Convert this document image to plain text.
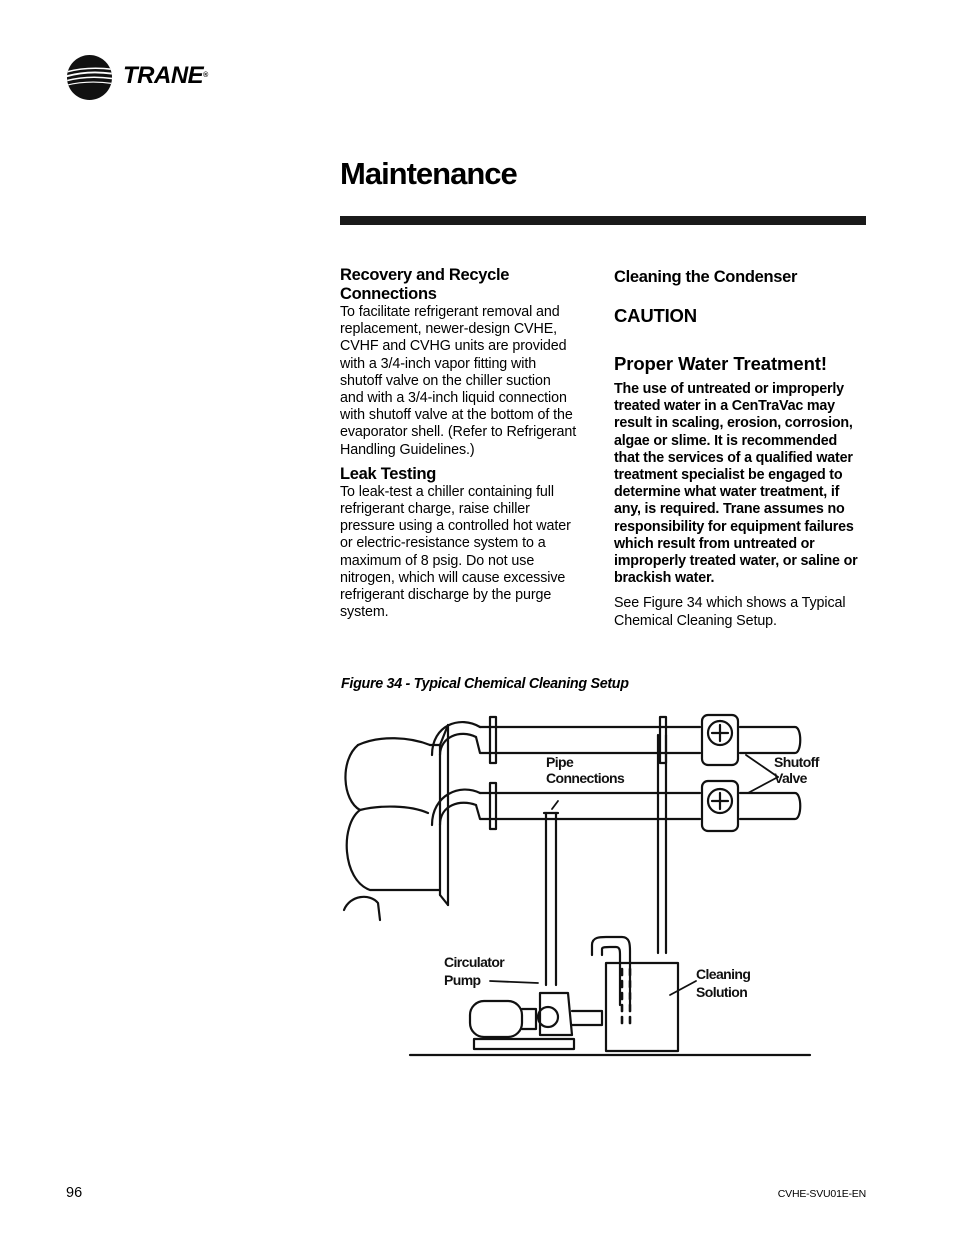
TRANE®
Maintenance
Recovery and Recycle Connections
To facilitate refrigerant removal and
replacement, newer-design CVHE,
CVHF and CVHG units are provided
with a 3/4-inch vapor fitting with
shutoff valve on the chiller suction
and with a 3/4-inch liquid connection
with shutoff valve at the bottom of the
evaporator shell. (Refer to Refrigerant
Handling Guidelines.)
Leak Testing
To leak-test a chiller containing full
refrigerant charge, raise chiller
pressure using a controlled hot water
or electric-resistance system to a
maximum of 8 psig. Do not use
nitrogen, which will cause excessive
refrigerant discharge by the purge
system.
Cleaning the Condenser
CAUTION
Proper Water Treatment!
The use of untreated or improperly
treated water in a CenTraVac may
result in scaling, erosion, corrosion,
algae or slime. It is recommended
that the services of a qualified water
treatment specialist be engaged to
determine what water treatment, if
any, is required. Trane assumes no
responsibility for equipment failures
which result from untreated or
improperly treated water, or saline or
brackish water.
See Figure 34 which shows a Typical
Chemical Cleaning Setup.
Figure 34 - Typical Chemical Cleaning Setup
Pipe
Connections
Shutoff
Valve
Circulator
Pump	Cleaning
Solution
96	CVHE-SVU01E-EN
